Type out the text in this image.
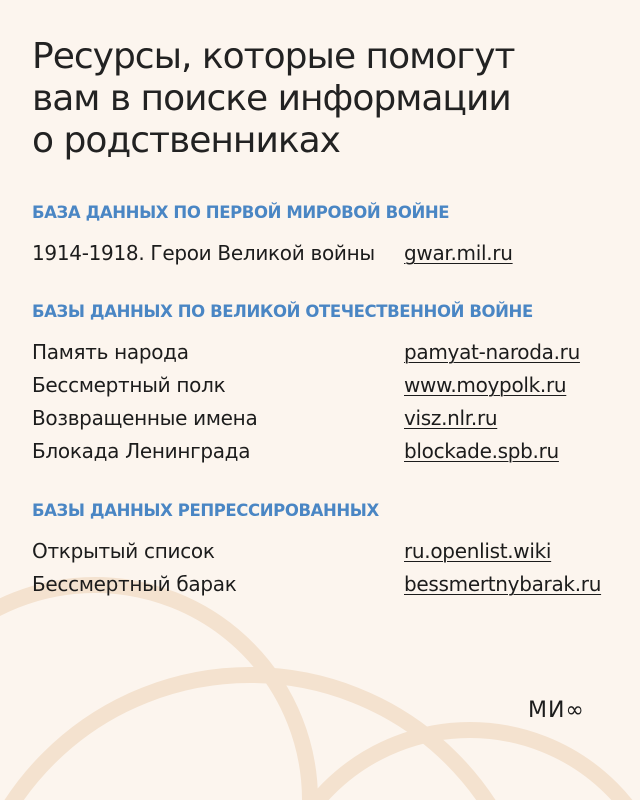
Ресурсы, которые помогут
вам в поиске информации
о родственниках
БАЗА ДАННЫХ ПО ПЕРВОЙ МИРОВОЙ ВОЙНЕ
1914-1918. Герои Великой войны gwar.mil.ru
БАЗЫ ДАННЫХ ПО ВЕЛИКОЙ ОТЕЧЕСТВЕННОЙ ВОЙНЕ
Память народа	pamyat-naroda.ru
Бессмертный полк	www.moypolk.ru
Возвращенные имена	visz.nlr.ru
Блокада Ленинграда	blockade.spb.ru
БАЗЫ ДАННЫХ РЕПРЕССИРОВАННЫХ
Открытый список	ru.openlist.wiki
Бессмертный барак	bessmertnybarak.ru
МИ∞
